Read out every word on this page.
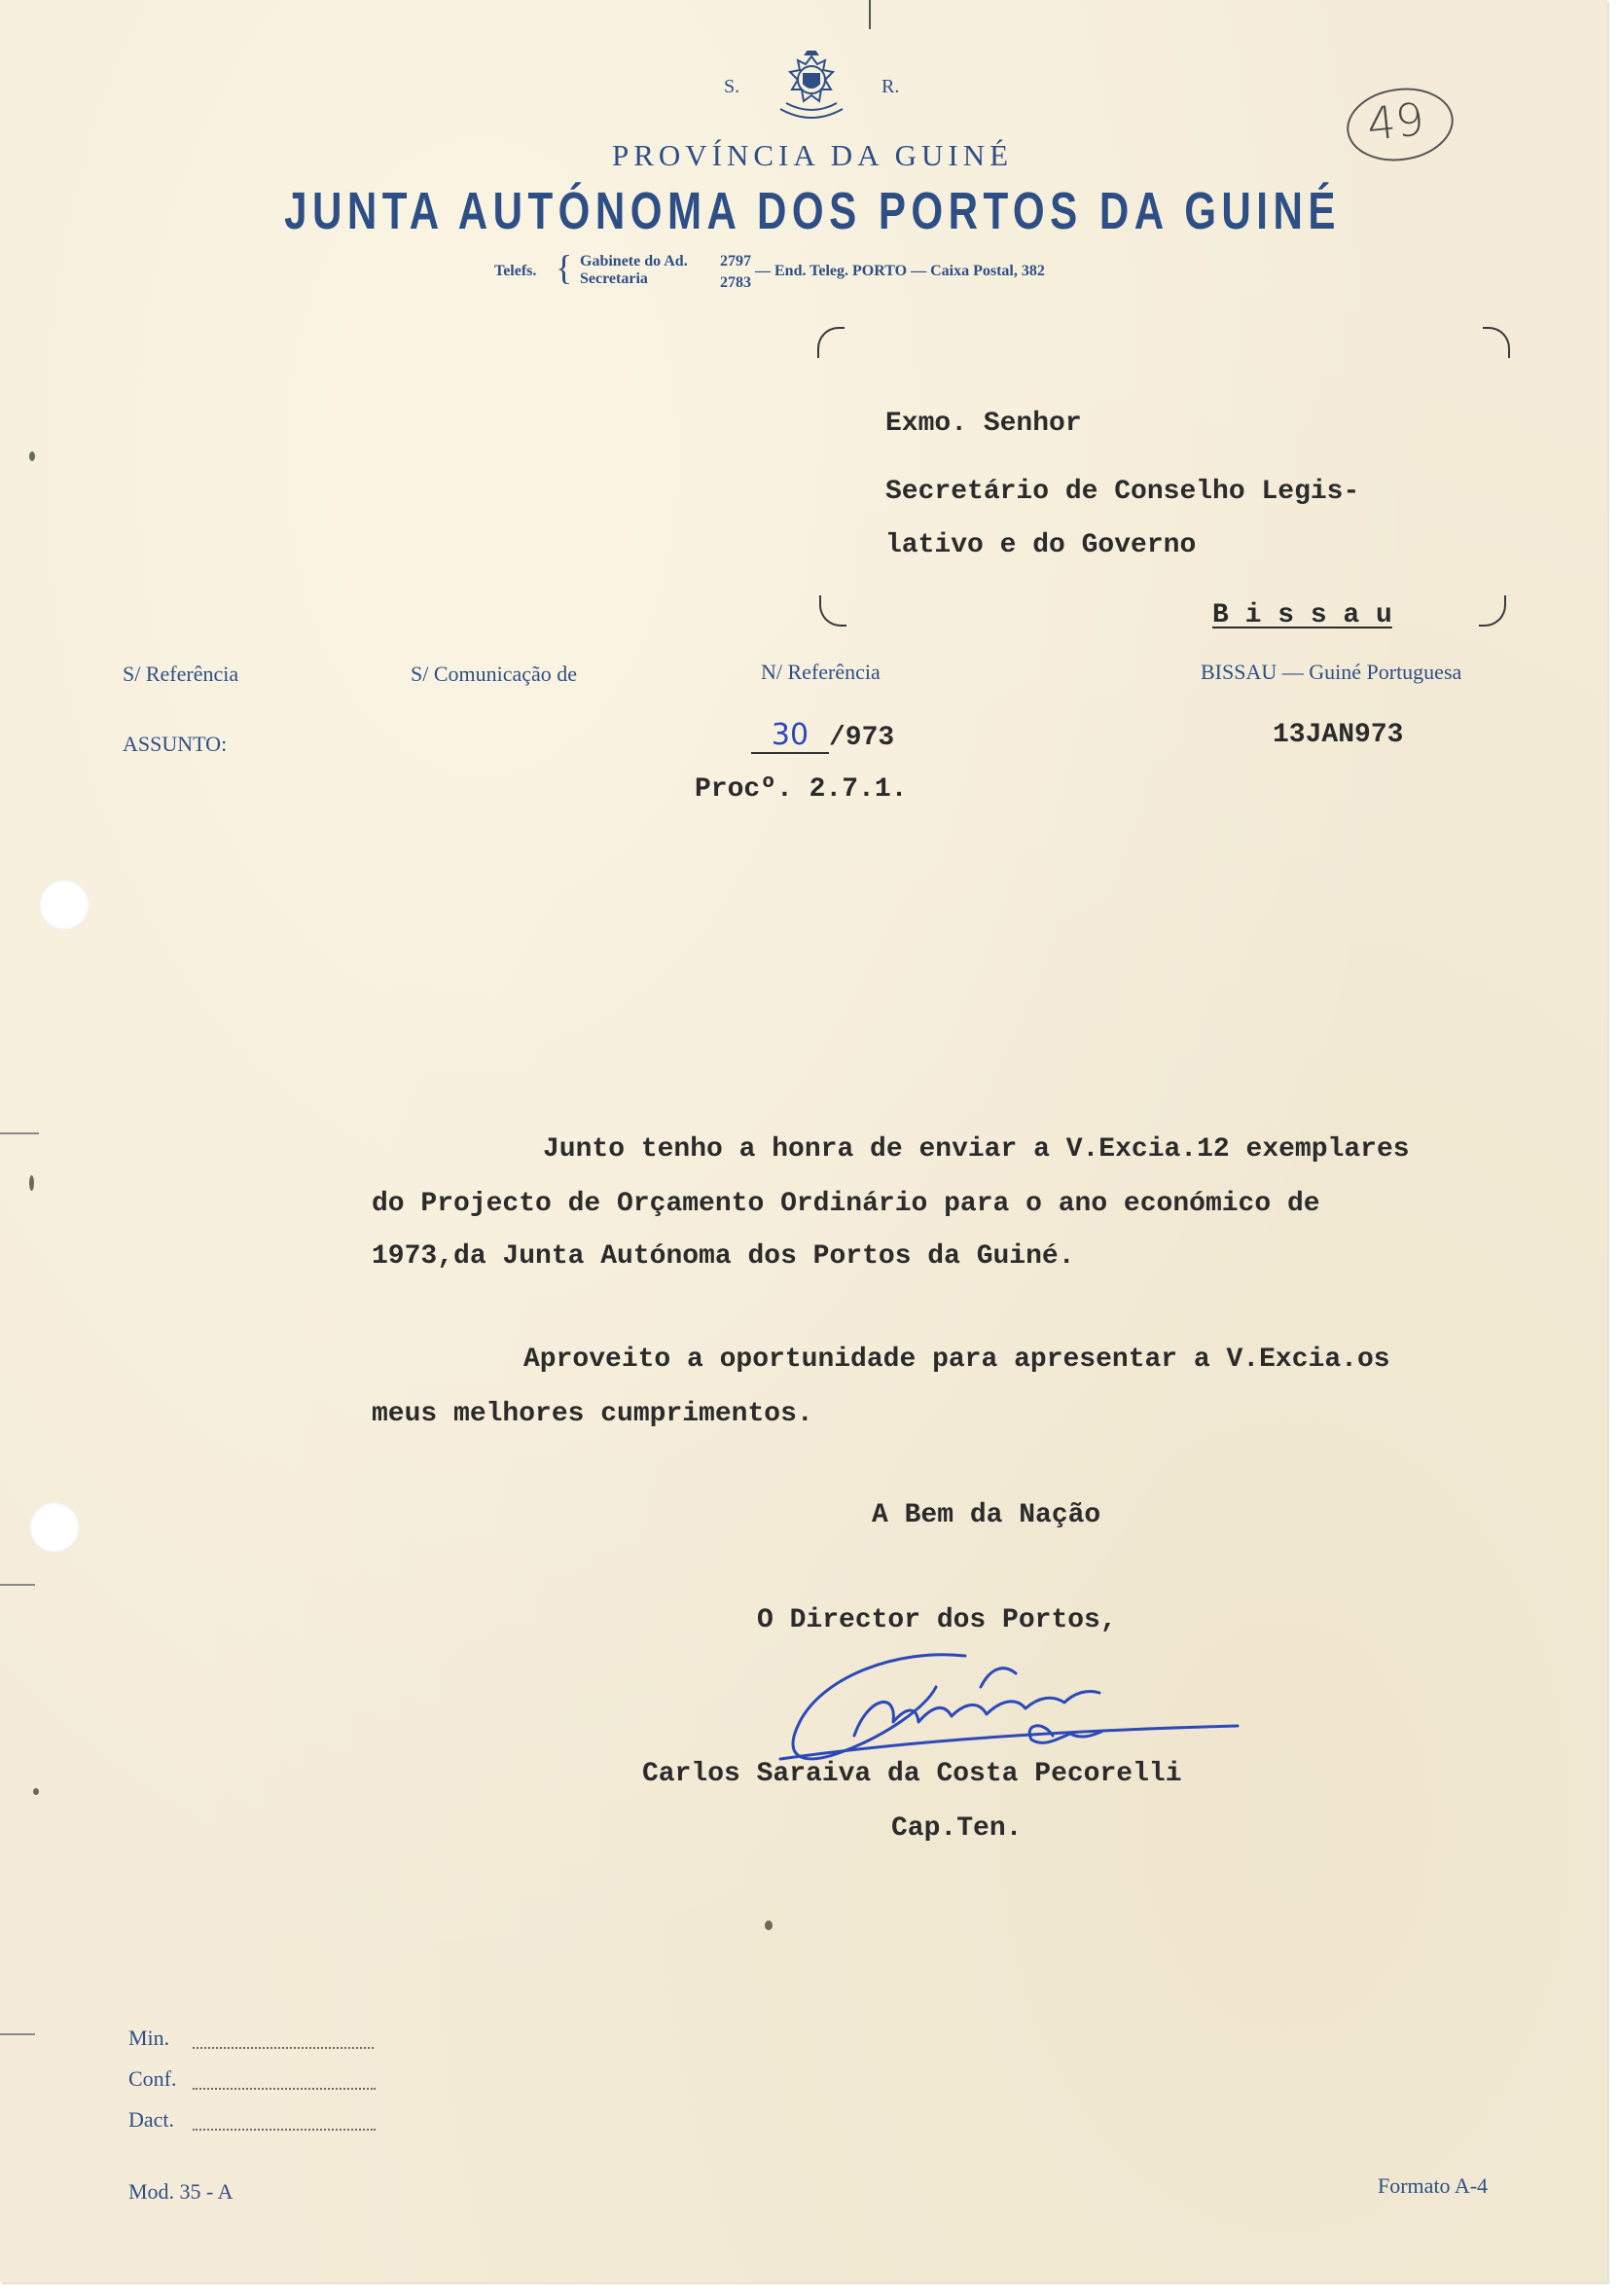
S.	R.
49
PROVÍNCIA DA GUINÉ
JUNTA AUTÓNOMA DOS PORTOS DA GUINÉ
Telefs. { Gabinete do Ad. 2797
Secretaria	2783
— End. Teleg. PORTO — Caixa Postal, 382
Exmo. Senhor
Secretário de Conselho Legis-
lativo e do Governo
B i s s a u
S/ Referência	S/ Comunicação de	N/ Referência	BISSAU — Guiné Portuguesa
ASSUNTO:	30 /973
Procº. 2.7.1.
13JAN973
Junto tenho a honra de enviar a V.Excia.12 exemplares
do Projecto de Orçamento Ordinário para o ano económico de
1973,da Junta Autónoma dos Portos da Guiné.
Aproveito a oportunidade para apresentar a V.Excia.os
meus melhores cumprimentos.
A Bem da Nação
O Director dos Portos,
Carlos Saraiva da Costa Pecorelli
Cap.Ten.
Min.
Conf.
Dact.
Mod. 35 - A	Formato A-4
